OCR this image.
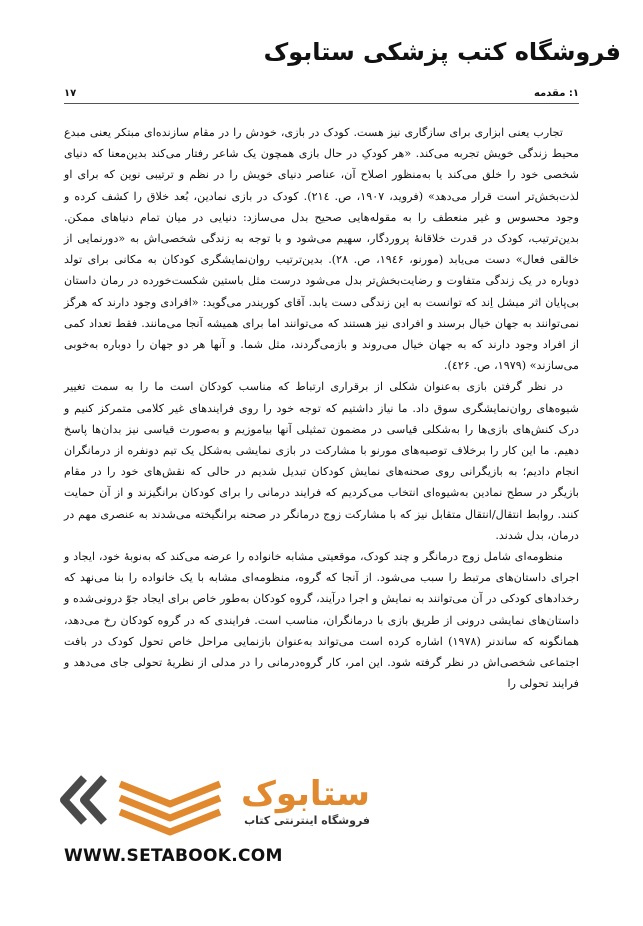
فروشگاه کتب پزشکی ستابوک
۱: مقدمه
۱۷

تجارب یعنی ابزاری برای سازگاری نیز هست. کودک در بازی، خودش را در مقام سازنده‌ای مبتکر یعنی مبدع محیط زندگی خویش تجربه می‌کند. «هر کودکِ در حال بازی همچون یک شاعر رفتار می‌کند بدین‌معنا که دنیای شخصی خود را خلق می‌کند یا به‌منظور اصلاح آن، عناصر دنیای خویش را در نظم و ترتیبی نوین که برای او لذت‌بخش‌تر است قرار می‌دهد» (فروید، ۱۹۰۷، ص. ۲۱٤). کودک در بازی نمادین، بُعد خلاق را کشف کرده و وجود محسوس و غیر منعطف را به مقوله‌هایی صحیح بدل می‌سازد: دنیایی در میان تمام دنیاهای ممکن. بدین‌ترتیب، کودک در قدرت خلاقانهٔ پروردگار، سهیم می‌شود و با توجه به زندگی شخصی‌اش به «دورنمایی از خالقی فعال» دست می‌یابد (مورنو، ۱۹٤۶، ص. ۲۸). بدین‌ترتیب روان‌نمایشگری کودکان به مکانی برای تولد دوباره در یک زندگی متفاوت و رضایت‌بخش‌تر بدل می‌شود درست مثل باستین شکست‌خورده در رمان داستان بی‌پایان اثر میشل اِند که توانست به این زندگی دست یابد. آقای کوریندر می‌گوید: «افرادی وجود دارند که هرگز نمی‌توانند به جهان خیال برسند و افرادی نیز هستند که می‌توانند اما برای همیشه آنجا می‌مانند. فقط تعداد کمی از افراد وجود دارند که به جهان خیال می‌روند و بازمی‌گردند، مثل شما. و آنها هر دو جهان را دوباره به‌خوبی می‌سازند» (۱۹۷۹، ص. ٤۲۶).

در نظر گرفتن بازی به‌عنوان شکلی از برقراری ارتباط که مناسب کودکان است ما را به سمت تغییر شیوه‌های روان‌نمایشگری سوق داد. ما نیاز داشتیم که توجه خود را روی فرایندهای غیر کلامی متمرکز کنیم و درک کنش‌های بازی‌ها را به‌شکلی قیاسی در مضمون تمثیلی آنها بیاموزیم و به‌صورت قیاسی نیز بدان‌ها پاسخ دهیم. ما این کار را برخلاف توصیه‌های مورنو با مشارکت در بازی نمایشی به‌شکل یک تیم دونفره از درمانگران انجام دادیم؛ به بازیگرانی روی صحنه‌های نمایش کودکان تبدیل شدیم در حالی که نقش‌های خود را در مقام بازیگر در سطح نمادین به‌شیوه‌ای انتخاب می‌کردیم که فرایند درمانی را برای کودکان برانگیزند و از آن حمایت کنند. روابط انتقال/انتقال متقابل نیز که با مشارکت زوج درمانگر در صحنه برانگیخته می‌شدند به عنصری مهم در درمان، بدل شدند.

منظومه‌ای شامل زوج درمانگر و چند کودک، موقعیتی مشابه خانواده را عرضه می‌کند که به‌نوبهٔ خود، ایجاد و اجرای داستان‌های مرتبط را سبب می‌شود. از آنجا که گروه، منظومه‌ای مشابه با یک خانواده را بنا می‌نهد که رخدادهای کودکی در آن می‌توانند به نمایش و اجرا درآیند، گروه کودکان به‌طور خاص برای ایجاد جوّ درونی‌شده و داستان‌های نمایشی درونی از طریق بازی با درمانگران، مناسب است. فرایندی که در گروه کودکان رخ می‌دهد، همانگونه که ساندنر (۱۹۷۸) اشاره کرده است می‌تواند به‌عنوان بازنمایی مراحل خاص تحول کودک در بافت اجتماعی شخصی‌اش در نظر گرفته شود. این امر، کار گروه‌درمانی را در مدلی از نظریهٔ تحولی جای می‌دهد و فرایند تحولی را

ستابوک
فروشگاه اینترنتی کتاب
WWW.SETABOOK.COM
